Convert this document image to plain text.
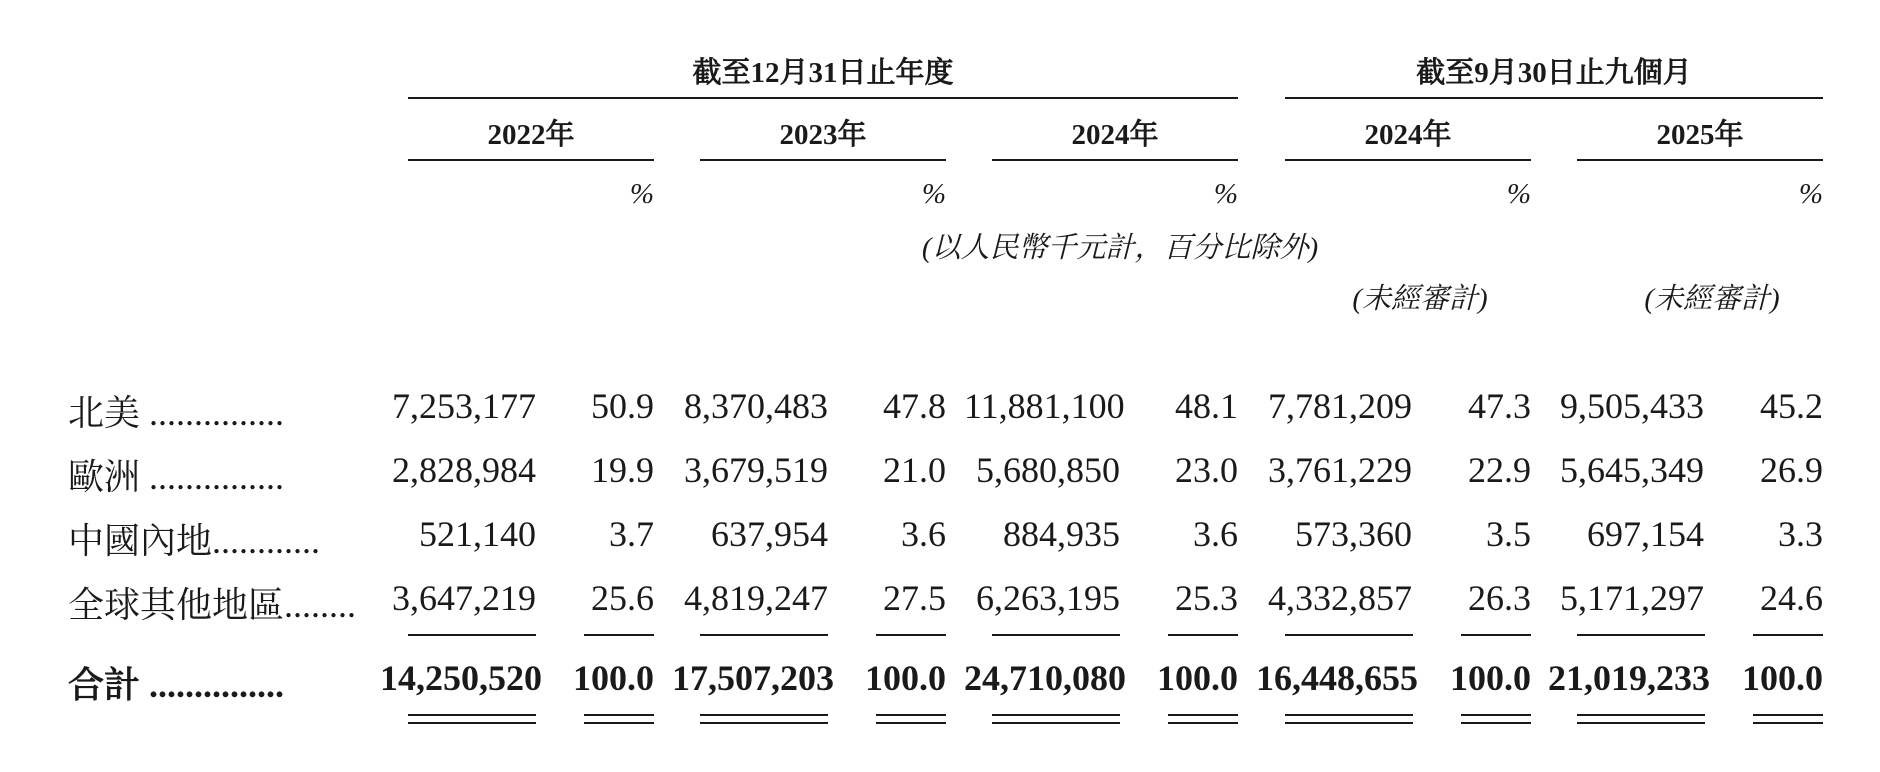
截至12月31日止年度	截至9月30日止九個月
2022年	2023年	2024年	2024年	2025年
%	%	%	%	%
(以人民幣千元計，百分比除外)
(未經審計)	(未經審計)
北美 ...............	7,253,177	50.9 8,370,483	47.8 11,881,100	48.1 7,781,209	47.3 9,505,433	45.2
歐洲 ...............	2,828,984	19.9 3,679,519	21.0 5,680,850	23.0 3,761,229	22.9 5,645,349	26.9
中國內地............	521,140	3.7	637,954	3.6	884,935	3.6	573,360	3.5	697,154	3.3
全球其他地區........ 3,647,219	25.6 4,819,247	27.5 6,263,195	25.3 4,332,857	26.3 5,171,297	24.6
合計 ...............	14,250,520 100.0 17,507,203 100.0 24,710,080 100.0 16,448,655 100.0 21,019,233 100.0
